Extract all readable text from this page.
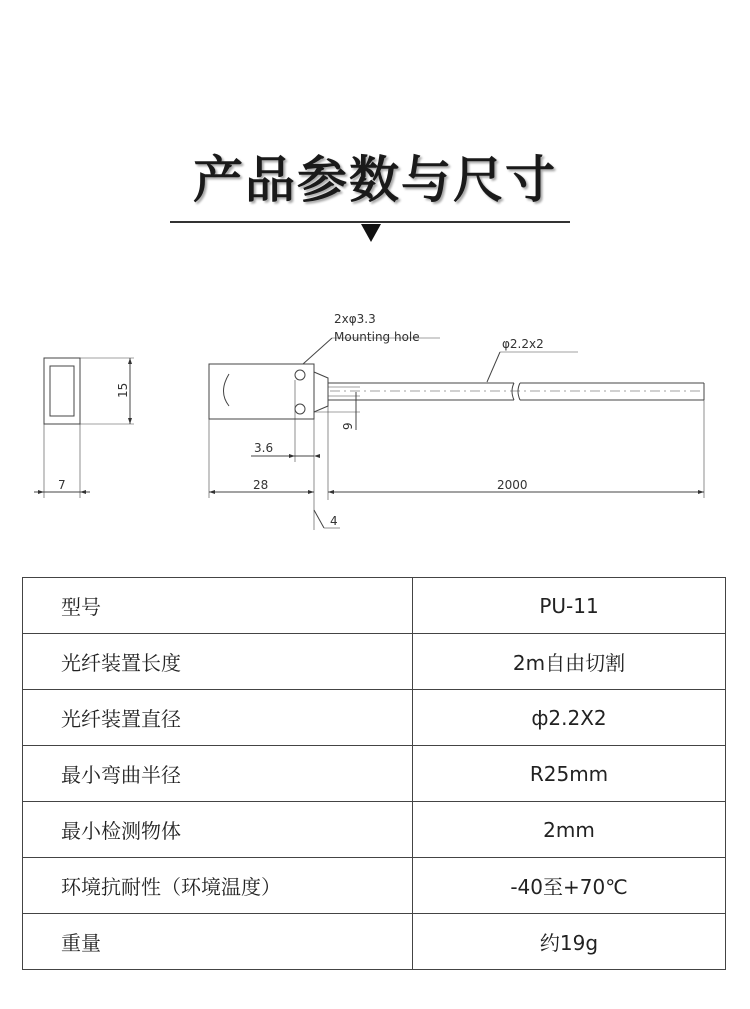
产品参数与尺寸
2xφ3.3
Mounting hole	φ2.2x2
15
7
9
3.6
28	2000
4
型号	PU-11
光纤装置长度	2m自由切割
光纤装置直径	ф2.2X2
最小弯曲半径	R25mm
最小检测物体	2mm
环境抗耐性（环境温度）	-40至+70℃
重量	约19g
